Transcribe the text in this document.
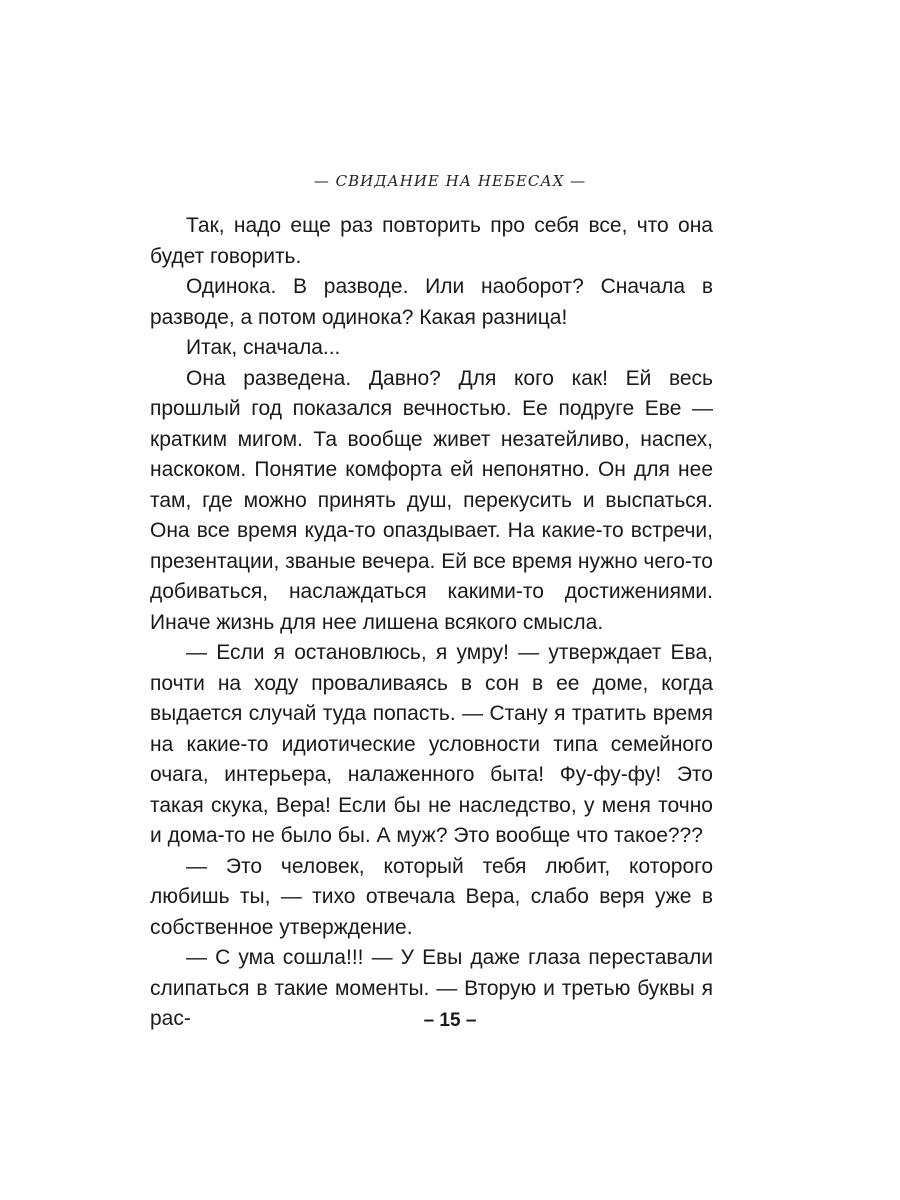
— СВИДАНИЕ НА НЕБЕСАХ —

Так, надо еще раз повторить про себя все, что она будет говорить.

Одинока. В разводе. Или наоборот? Сначала в разводе, а потом одинока? Какая разница!

Итак, сначала...

Она разведена. Давно? Для кого как! Ей весь прошлый год показался вечностью. Ее подруге Еве — кратким мигом. Та вообще живет незатейливо, наспех, наскоком. Понятие комфорта ей непонятно. Он для нее там, где можно принять душ, перекусить и выспаться. Она все время куда-то опаздывает. На какие-то встречи, презентации, званые вечера. Ей все время нужно чего-то добиваться, наслаждаться какими-то достижениями. Иначе жизнь для нее лишена всякого смысла.

— Если я остановлюсь, я умру! — утверждает Ева, почти на ходу проваливаясь в сон в ее доме, когда выдается случай туда попасть. — Стану я тратить время на какие-то идиотические условности типа семейного очага, интерьера, налаженного быта! Фу-фу-фу! Это такая скука, Вера! Если бы не наследство, у меня точно и дома-то не было бы. А муж? Это вообще что такое???

— Это человек, который тебя любит, которого любишь ты, — тихо отвечала Вера, слабо веря уже в собственное утверждение.

— С ума сошла!!! — У Евы даже глаза переставали слипаться в такие моменты. — Вторую и третью буквы я рас-	– 15 –
